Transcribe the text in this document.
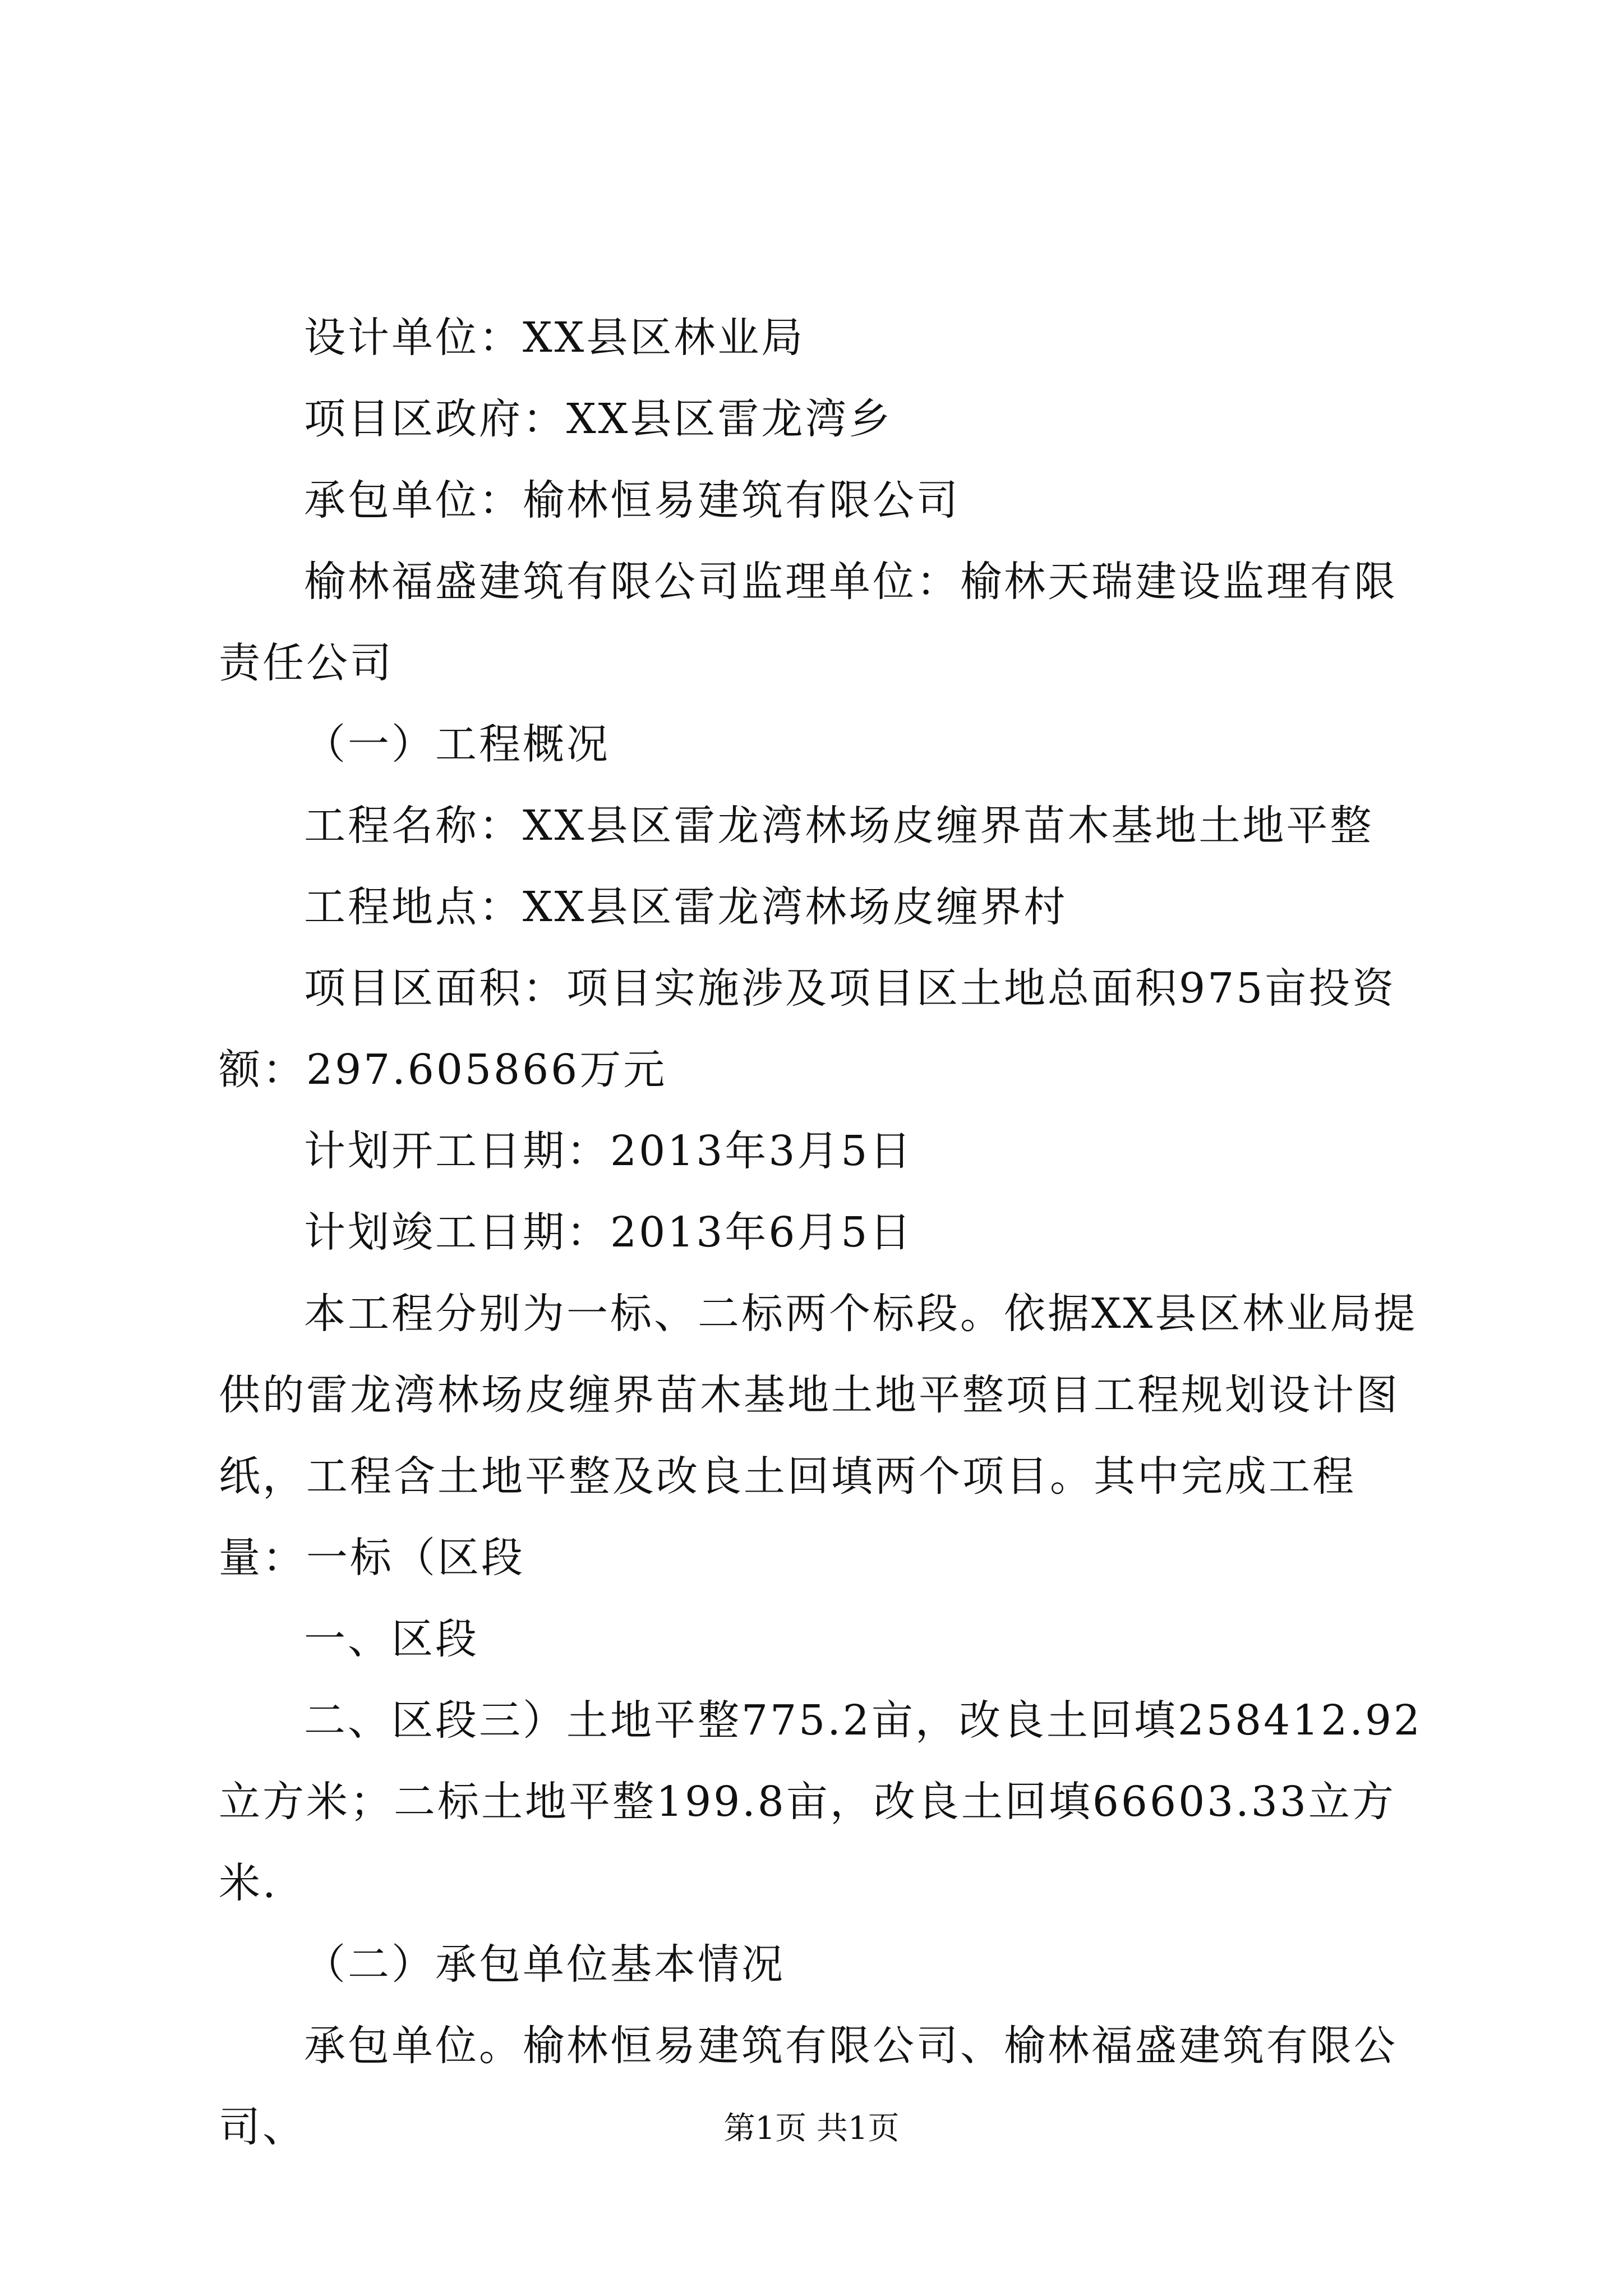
设计单位：XX县区林业局

项目区政府：XX县区雷龙湾乡

承包单位：榆林恒易建筑有限公司

榆林福盛建筑有限公司监理单位：榆林天瑞建设监理有限责任公司

（一）工程概况

工程名称：XX县区雷龙湾林场皮缠界苗木基地土地平整

工程地点：XX县区雷龙湾林场皮缠界村

项目区面积：项目实施涉及项目区土地总面积975亩投资额：297.605866万元

计划开工日期：2013年3月5日

计划竣工日期：2013年6月5日

本工程分别为一标、二标两个标段。依据XX县区林业局提供的雷龙湾林场皮缠界苗木基地土地平整项目工程规划设计图纸，工程含土地平整及改良土回填两个项目。其中完成工程量：一标（区段

一、区段

二、区段三）土地平整775.2亩，改良土回填258412.92立方米；二标土地平整199.8亩，改良土回填66603.33立方米.

（二）承包单位基本情况

承包单位。榆林恒易建筑有限公司、榆林福盛建筑有限公司、	第1页 共1页
